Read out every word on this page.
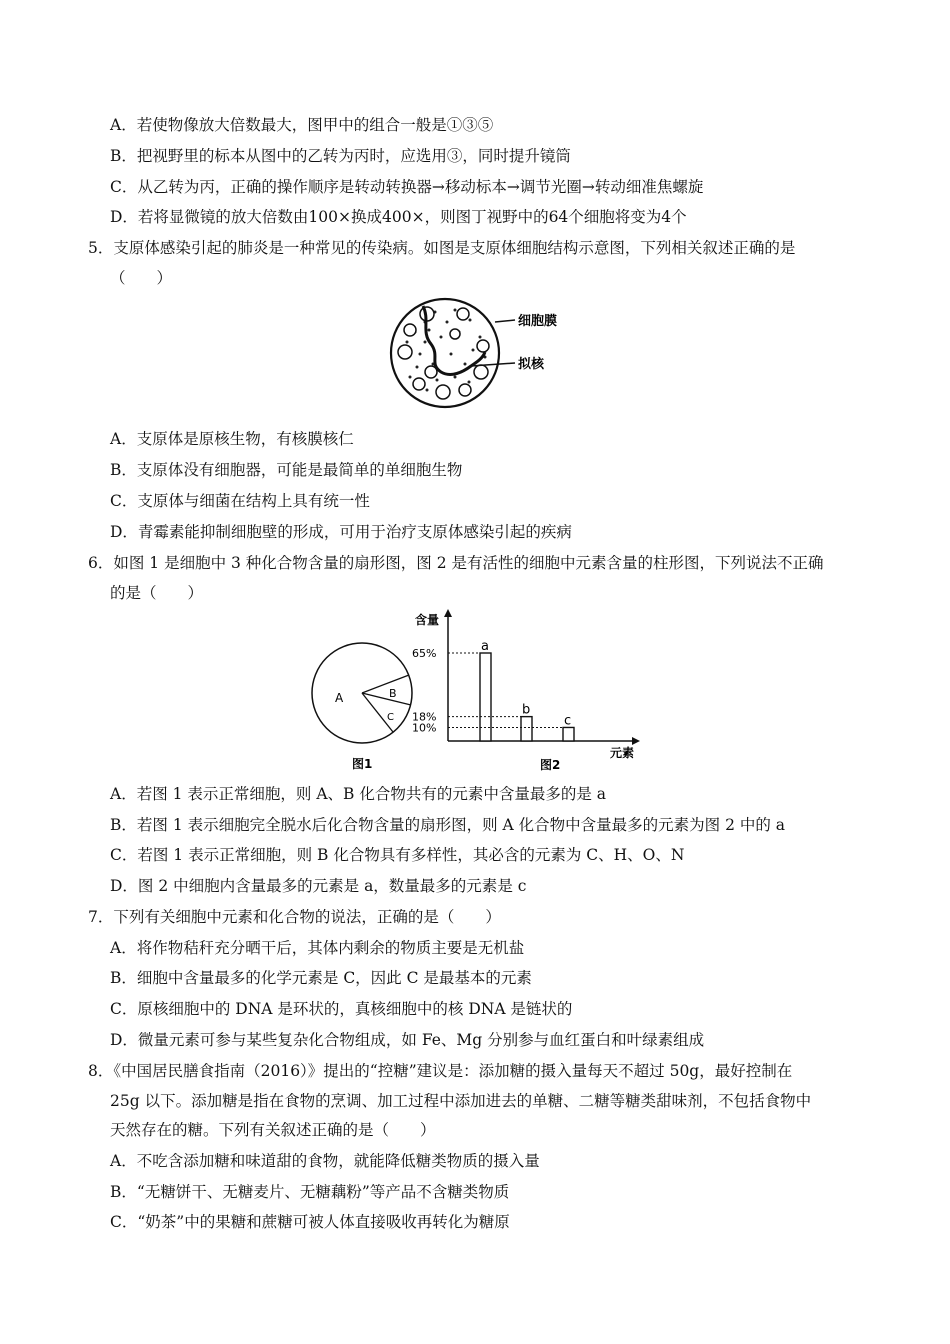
A．若使物像放大倍数最大，图甲中的组合一般是①③⑤
B．把视野里的标本从图中的乙转为丙时，应选用③，同时提升镜筒
C．从乙转为丙，正确的操作顺序是转动转换器→移动标本→调节光圈→转动细准焦螺旋
D．若将显微镜的放大倍数由100×换成400×，则图丁视野中的64个细胞将变为4个
5．支原体感染引起的肺炎是一种常见的传染病。如图是支原体细胞结构示意图，下列相关叙述正确的是
（　　）
细胞膜
拟核
A．支原体是原核生物，有核膜核仁
B．支原体没有细胞器，可能是最简单的单细胞生物
C．支原体与细菌在结构上具有统一性
D．青霉素能抑制细胞壁的形成，可用于治疗支原体感染引起的疾病
6．如图 1 是细胞中 3 种化合物含量的扇形图，图 2 是有活性的细胞中元素含量的柱形图，下列说法不正确
的是（　　）
A	B
C
图1
含量
元素
图2
a
65%
b
18%	c
10%
A．若图 1 表示正常细胞，则 A、B 化合物共有的元素中含量最多的是 a
B．若图 1 表示细胞完全脱水后化合物含量的扇形图，则 A 化合物中含量最多的元素为图 2 中的 a
C．若图 1 表示正常细胞，则 B 化合物具有多样性，其必含的元素为 C、H、O、N
D．图 2 中细胞内含量最多的元素是 a，数量最多的元素是 c
7．下列有关细胞中元素和化合物的说法，正确的是（　　）
A．将作物秸秆充分晒干后，其体内剩余的物质主要是无机盐
B．细胞中含量最多的化学元素是 C，因此 C 是最基本的元素
C．原核细胞中的 DNA 是环状的，真核细胞中的核 DNA 是链状的
D．微量元素可参与某些复杂化合物组成，如 Fe、Mg 分别参与血红蛋白和叶绿素组成
8．《中国居民膳食指南（2016）》提出的“控糖”建议是：添加糖的摄入量每天不超过 50g，最好控制在
25g 以下。添加糖是指在食物的烹调、加工过程中添加进去的单糖、二糖等糖类甜味剂，不包括食物中
天然存在的糖。下列有关叙述正确的是（　　）
A．不吃含添加糖和味道甜的食物，就能降低糖类物质的摄入量
B．“无糖饼干、无糖麦片、无糖藕粉”等产品不含糖类物质
C．“奶茶”中的果糖和蔗糖可被人体直接吸收再转化为糖原
